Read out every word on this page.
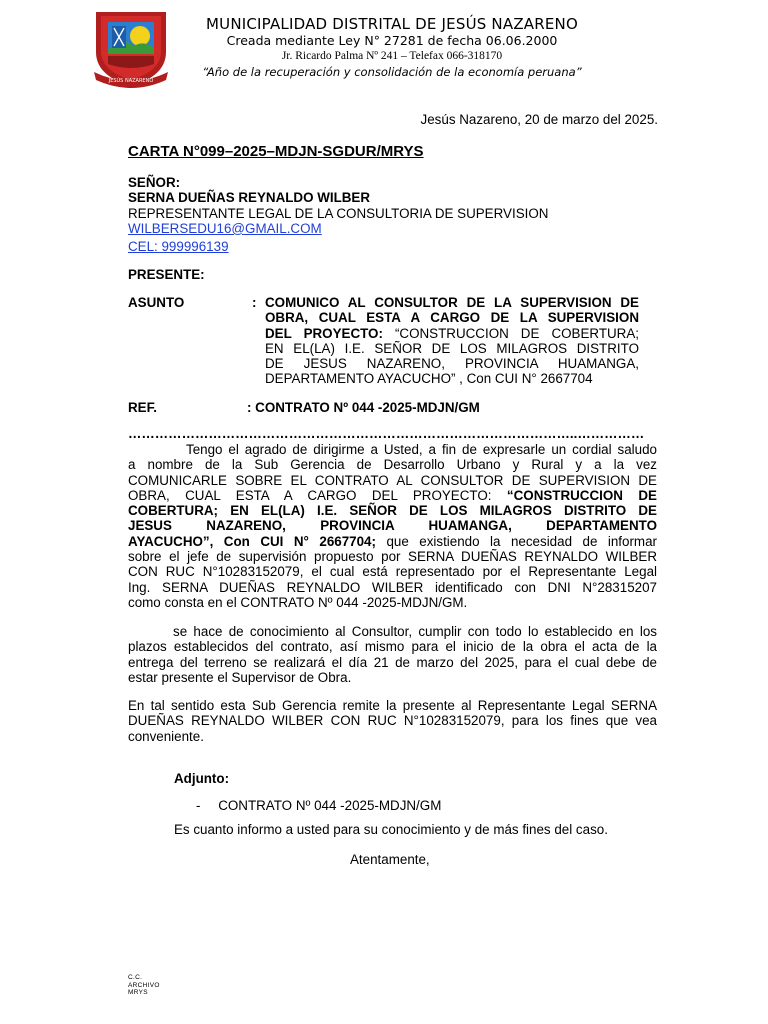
JESÚS NAZARENO
MUNICIPALIDAD DISTRITAL DE JESÚS NAZARENO
Creada mediante Ley N° 27281 de fecha 06.06.2000
Jr. Ricardo Palma Nº 241 – Telefax 066-318170
“Año de la recuperación y consolidación de la economía peruana”
Jesús Nazareno, 20 de marzo del 2025.
CARTA N°099–2025–MDJN-SGDUR/MRYS
SEÑOR:
SERNA DUEÑAS REYNALDO WILBER
REPRESENTANTE LEGAL DE LA CONSULTORIA DE SUPERVISION
WILBERSEDU16@GMAIL.COM
CEL: 999996139
PRESENTE:
ASUNTO	: COMUNICO AL CONSULTOR DE LA SUPERVISION DE
OBRA, CUAL ESTA A CARGO DE LA SUPERVISION
DEL PROYECTO: “CONSTRUCCION DE COBERTURA;
EN EL(LA) I.E. SEÑOR DE LOS MILAGROS DISTRITO
DE JESUS NAZARENO, PROVINCIA HUAMANGA,
DEPARTAMENTO AYACUCHO” , Con CUI N° 2667704
REF.	: CONTRATO Nº 044 -2025-MDJN/GM
………………………………………………………………………………………..……………
Tengo el agrado de dirigirme a Usted, a fin de expresarle un cordial saludo
a nombre de la Sub Gerencia de Desarrollo Urbano y Rural y a la vez
COMUNICARLE SOBRE EL CONTRATO AL CONSULTOR DE SUPERVISION DE
OBRA, CUAL ESTA A CARGO DEL PROYECTO: “CONSTRUCCION DE
COBERTURA; EN EL(LA) I.E. SEÑOR DE LOS MILAGROS DISTRITO DE
JESUS NAZARENO, PROVINCIA HUAMANGA, DEPARTAMENTO
AYACUCHO”, Con CUI N° 2667704; que existiendo la necesidad de informar
sobre el jefe de supervisión propuesto por SERNA DUEÑAS REYNALDO WILBER
CON RUC N°10283152079, el cual está representado por el Representante Legal
Ing. SERNA DUEÑAS REYNALDO WILBER identificado con DNI N°28315207
como consta en el CONTRATO Nº 044 -2025-MDJN/GM.
se hace de conocimiento al Consultor, cumplir con todo lo establecido en los
plazos establecidos del contrato, así mismo para el inicio de la obra el acta de la
entrega del terreno se realizará el día 21 de marzo del 2025, para el cual debe de
estar presente el Supervisor de Obra.
En tal sentido esta Sub Gerencia remite la presente al Representante Legal SERNA
DUEÑAS REYNALDO WILBER CON RUC N°10283152079, para los fines que vea
conveniente.
Adjunto:
- CONTRATO Nº 044 -2025-MDJN/GM
Es cuanto informo a usted para su conocimiento y de más fines del caso.
Atentamente,
C.C.
ARCHIVO
MRYS
